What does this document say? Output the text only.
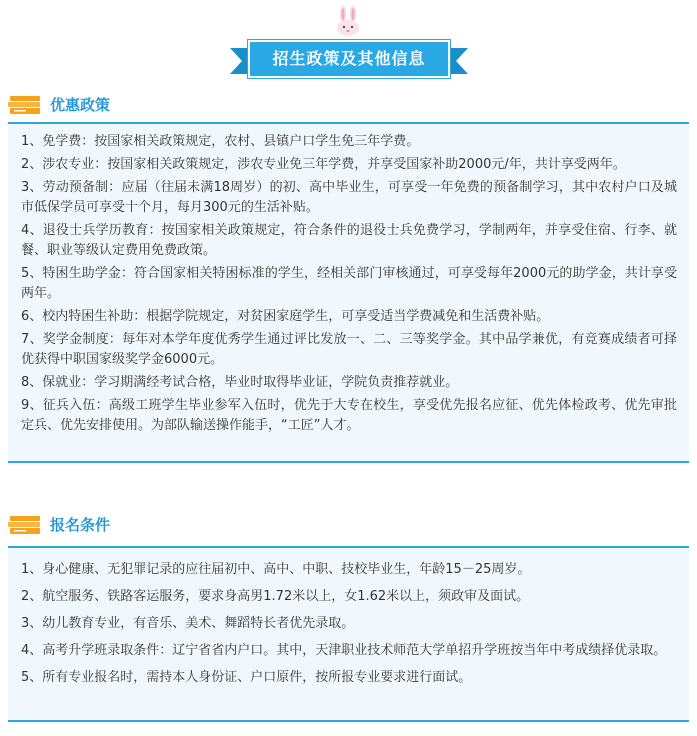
招生政策及其他信息
优惠政策

1、免学费：按国家相关政策规定，农村、县镇户口学生免三年学费。

2、涉农专业：按国家相关政策规定，涉农专业免三年学费，并享受国家补助2000元/年，共计享受两年。

3、劳动预备制：应届（往届未满18周岁）的初、高中毕业生，可享受一年免费的预备制学习，其中农村户口及城市低保学员可享受十个月，每月300元的生活补贴。

4、退役士兵学历教育：按国家相关政策规定，符合条件的退役士兵免费学习，学制两年，并享受住宿、行李、就餐、职业等级认定费用免费政策。

5、特困生助学金：符合国家相关特困标准的学生，经相关部门审核通过，可享受每年2000元的助学金，共计享受两年。

6、校内特困生补助：根据学院规定，对贫困家庭学生，可享受适当学费减免和生活费补贴。

7、奖学金制度：每年对本学年度优秀学生通过评比发放一、二、三等奖学金。其中品学兼优，有竞赛成绩者可择优获得中职国家级奖学金6000元。

8、保就业：学习期满经考试合格，毕业时取得毕业证，学院负责推荐就业。

9、征兵入伍：高级工班学生毕业参军入伍时，优先于大专在校生，享受优先报名应征、优先体检政考、优先审批定兵、优先安排使用。为部队输送操作能手，“工匠”人才。

报名条件

1、身心健康、无犯罪记录的应往届初中、高中、中职、技校毕业生，年龄15－25周岁。

2、航空服务、铁路客运服务，要求身高男1.72米以上，女1.62米以上，须政审及面试。

3、幼儿教育专业，有音乐、美术、舞蹈特长者优先录取。

4、高考升学班录取条件：辽宁省省内户口。其中，天津职业技术师范大学单招升学班按当年中考成绩择优录取。

5、所有专业报名时，需持本人身份证、户口原件，按所报专业要求进行面试。
